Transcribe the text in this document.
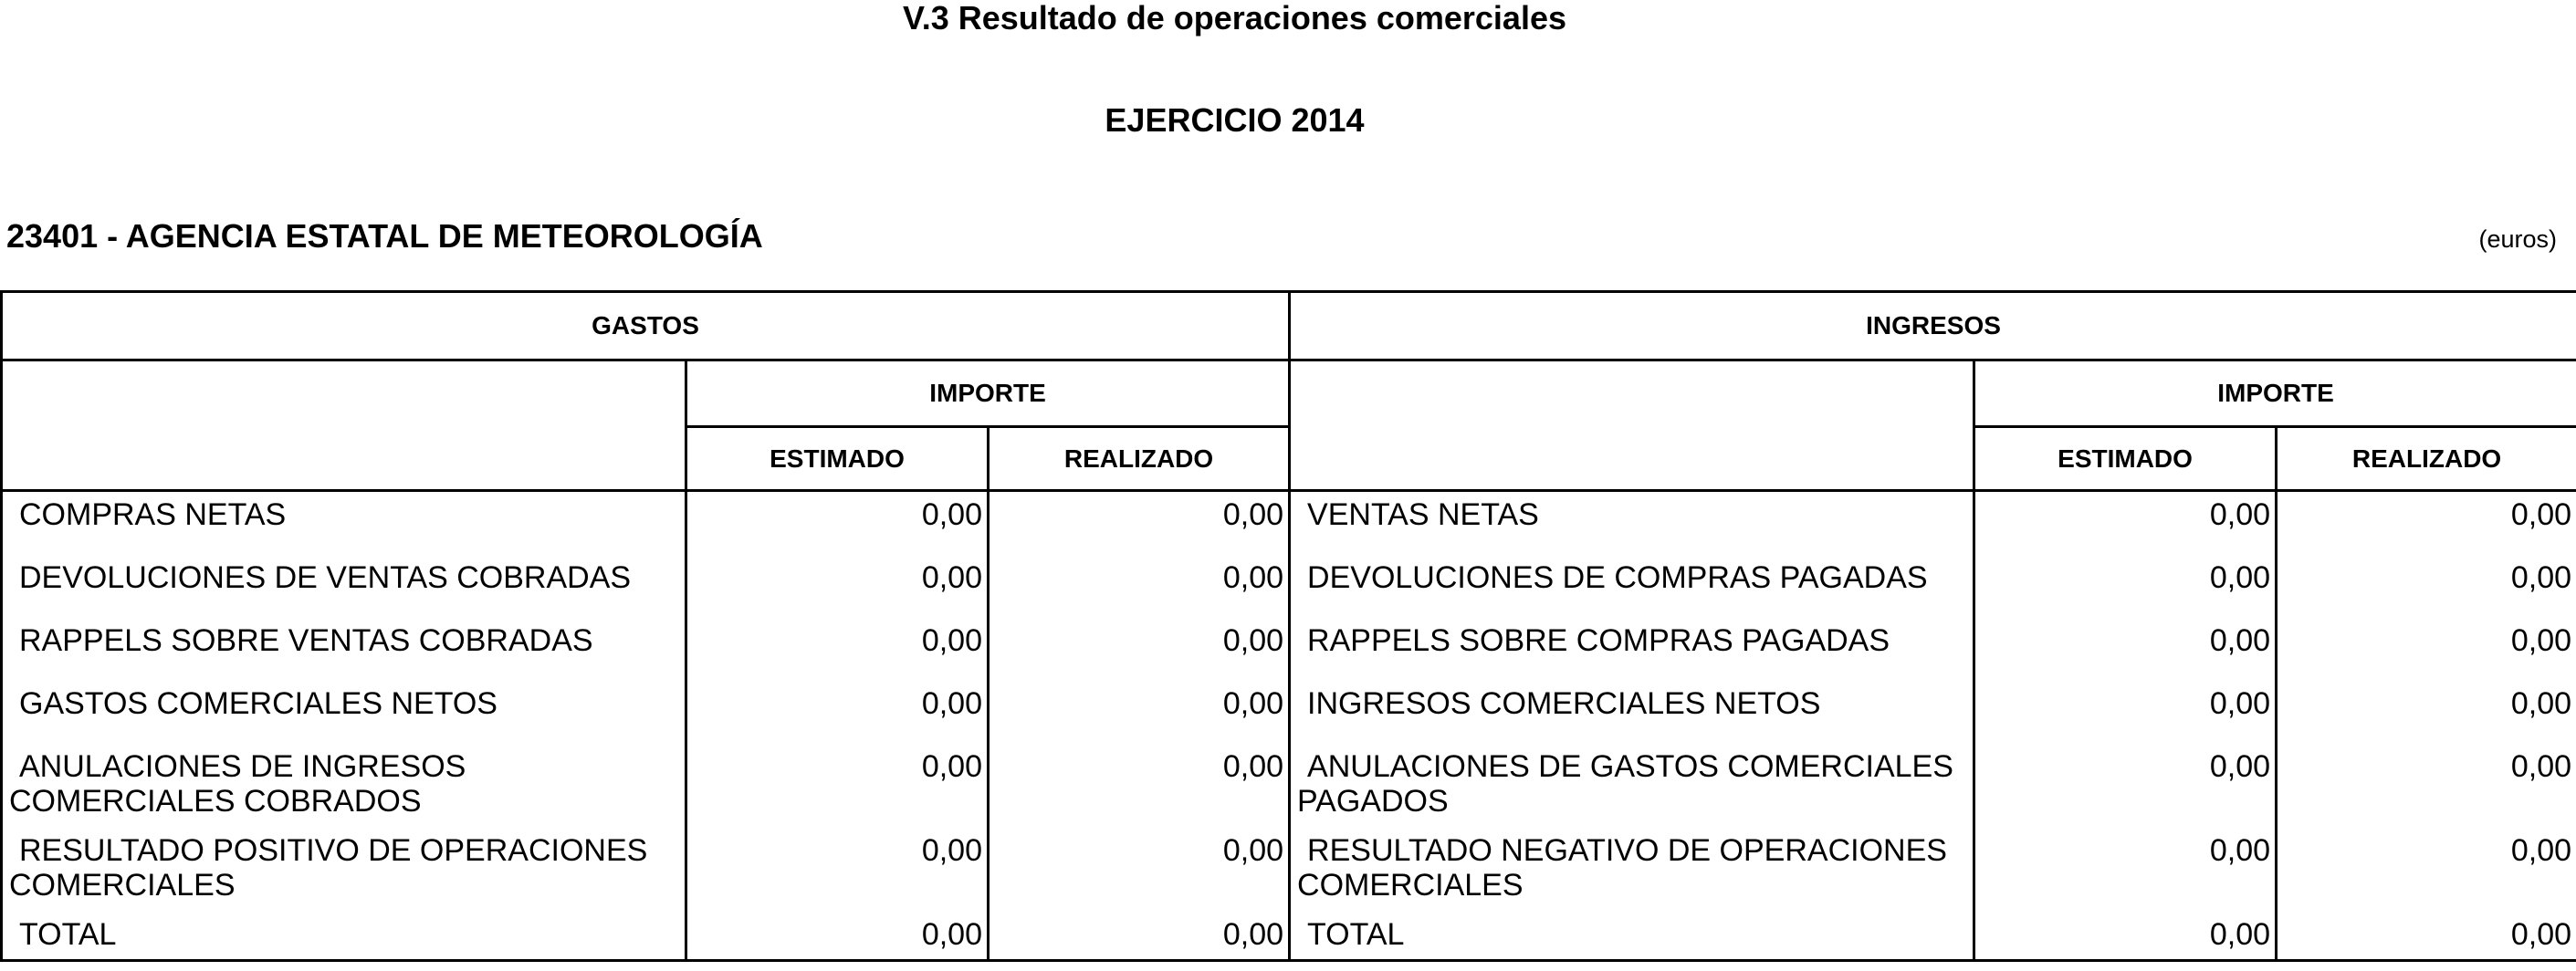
V.3 Resultado de operaciones comerciales
EJERCICIO 2014
23401 - AGENCIA ESTATAL DE METEOROLOGÍA	(euros)
GASTOS			INGRESOS		
	IMPORTE			IMPORTE	
	ESTIMADO	REALIZADO		ESTIMADO	REALIZADO
COMPRAS NETAS	0,00	0,00	VENTAS NETAS	0,00	0,00
DEVOLUCIONES DE VENTAS COBRADAS	0,00	0,00	DEVOLUCIONES DE COMPRAS PAGADAS	0,00	0,00
RAPPELS SOBRE VENTAS COBRADAS	0,00	0,00	RAPPELS SOBRE COMPRAS PAGADAS	0,00	0,00
GASTOS COMERCIALES NETOS	0,00	0,00	INGRESOS COMERCIALES NETOS	0,00	0,00
ANULACIONES DE INGRESOS COMERCIALES COBRADOS	0,00	0,00	ANULACIONES DE GASTOS COMERCIALES PAGADOS	0,00	0,00
RESULTADO POSITIVO DE OPERACIONES COMERCIALES	0,00	0,00	RESULTADO NEGATIVO DE OPERACIONES COMERCIALES	0,00	0,00
TOTAL	0,00	0,00	TOTAL	0,00	0,00
